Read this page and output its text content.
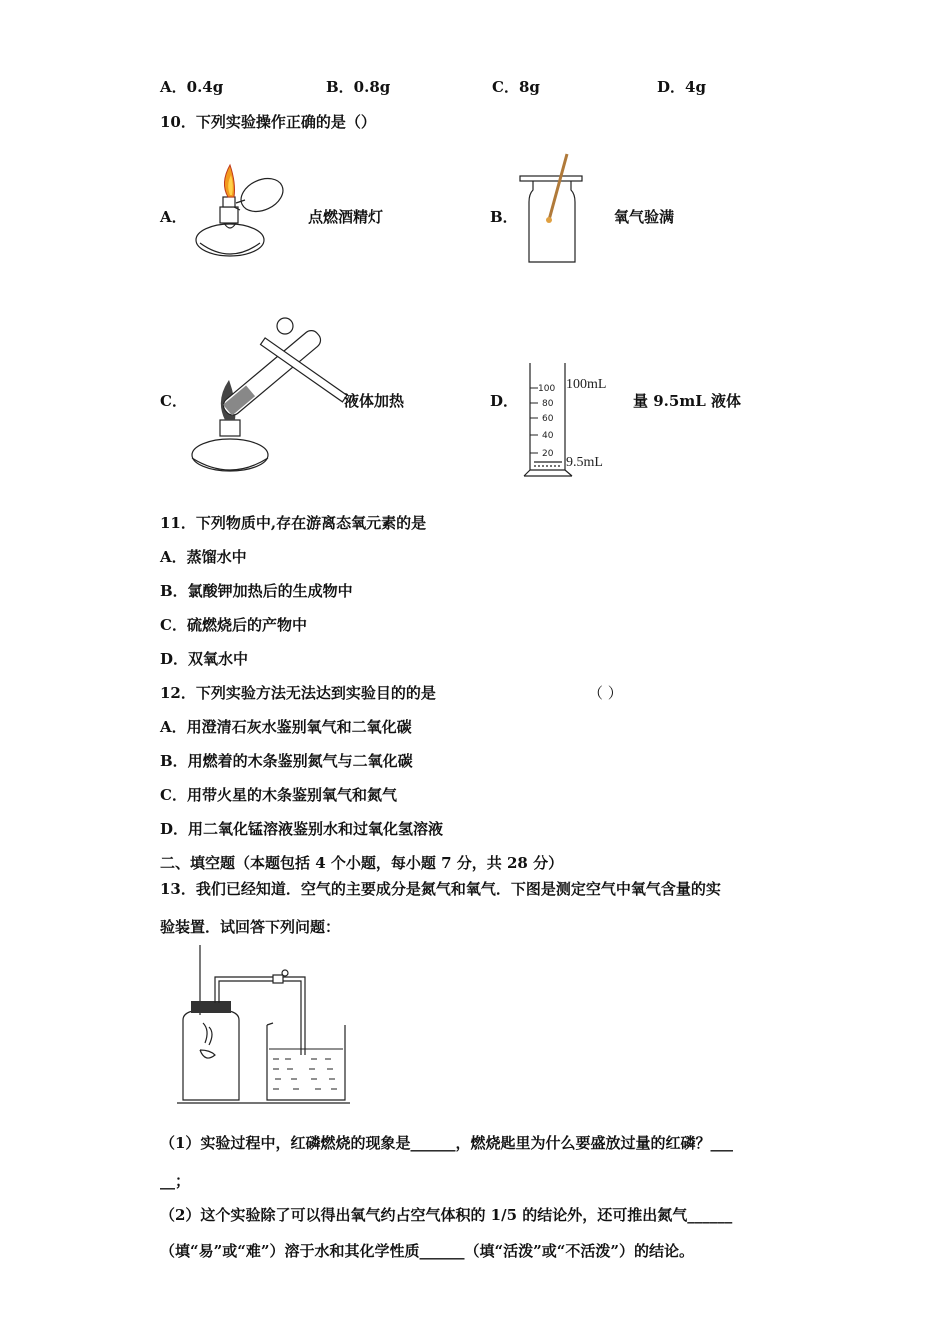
A．0.4g	B．0.8g	C．8g	D．4g
10．下列实验操作正确的是（）
A．	点燃酒精灯	B．	氧气验满
C．	液体加热	D．
100
80
60
40
20
100mL
9.5mL
量 9.5mL 液体
11．下列物质中,存在游离态氧元素的是
A．蒸馏水中
B．氯酸钾加热后的生成物中
C．硫燃烧后的产物中
D．双氧水中
12．下列实验方法无法达到实验目的的是	（ ）
A．用澄清石灰水鉴别氧气和二氧化碳
B．用燃着的木条鉴别氮气与二氧化碳
C．用带火星的木条鉴别氧气和氮气
D．用二氧化锰溶液鉴别水和过氧化氢溶液
二、填空题（本题包括 4 个小题，每小题 7 分，共 28 分）
13．我们已经知道．空气的主要成分是氮气和氧气．下图是测定空气中氧气含量的实
验装置．试回答下列问题：
（1）实验过程中，红磷燃烧的现象是______，燃烧匙里为什么要盛放过量的红磷？___
__；
（2）这个实验除了可以得出氧气约占空气体积的 1/5 的结论外，还可推出氮气______
（填“易”或“难”）溶于水和其化学性质______（填“活泼”或“不活泼”）的结论。
